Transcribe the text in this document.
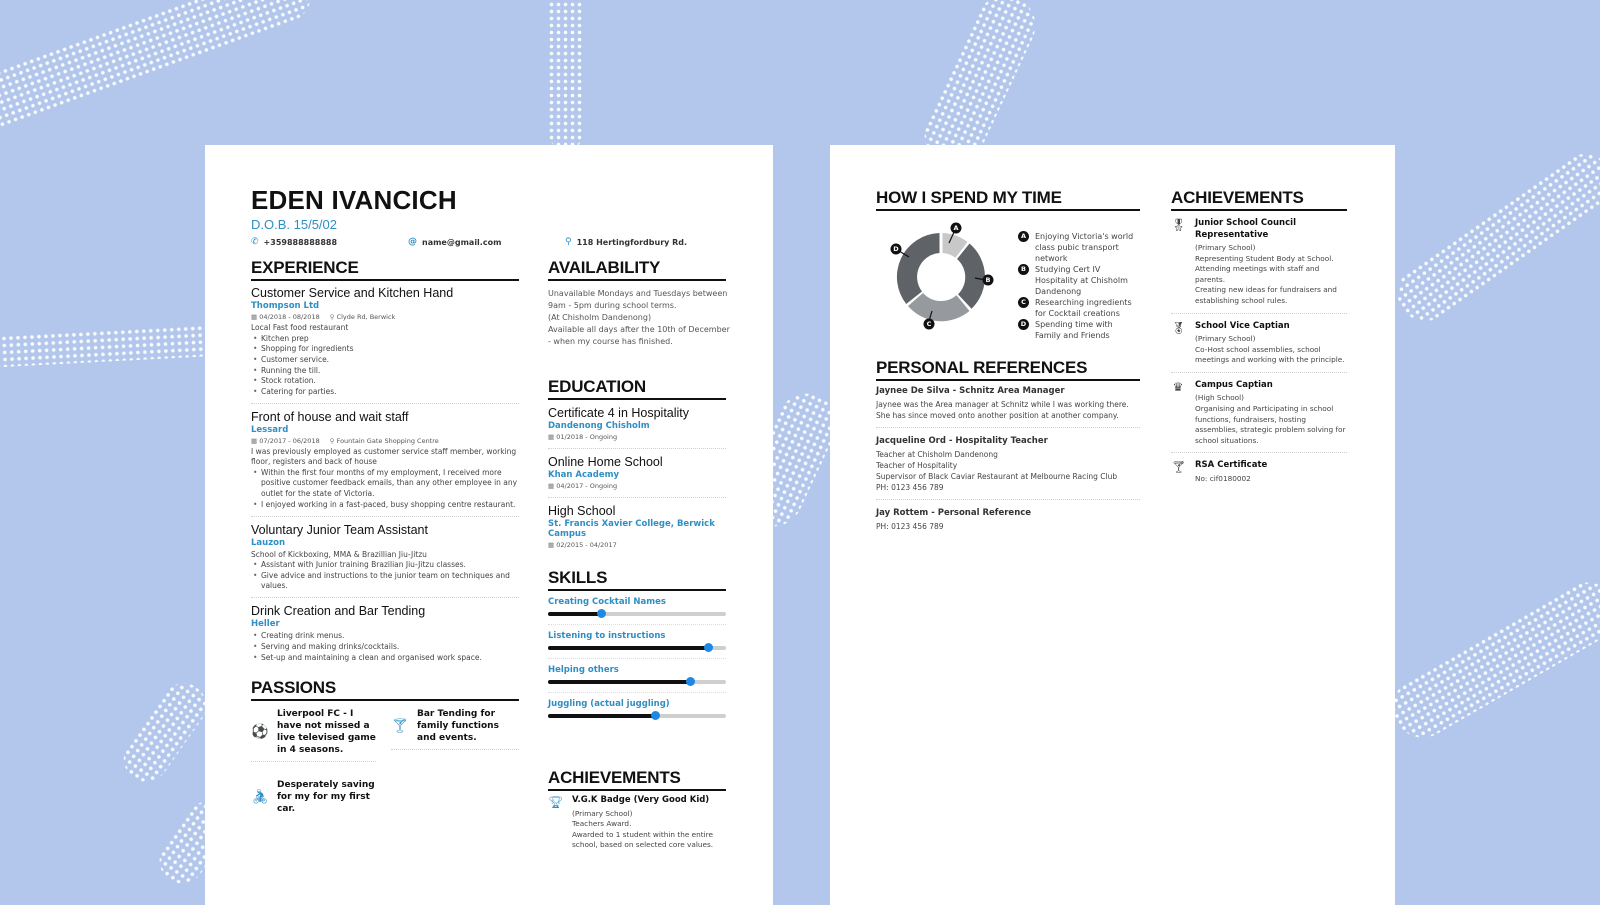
EDEN IVANCICH
D.O.B. 15/5/02
✆ +359888888888	@ name@gmail.com	⚲ 118 Hertingfordbury Rd.
EXPERIENCE
Customer Service and Kitchen Hand
Thompson Ltd
▦ 04/2018 - 08/2018 ⚲ Clyde Rd, Berwick
Local Fast food restaurant
• Kitchen prep
• Shopping for ingredients
• Customer service.
• Running the till.
• Stock rotation.
• Catering for parties.
Front of house and wait staff
Lessard
▦ 07/2017 - 06/2018 ⚲ Fountain Gate Shopping Centre
I was previously employed as customer service staff member, working floor, registers and back of house
• Within the first four months of my employment, I received more positive customer feedback emails, than any other employee in any outlet for the state of Victoria.
• I enjoyed working in a fast-paced, busy shopping centre restaurant.
Voluntary Junior Team Assistant
Lauzon
School of Kickboxing, MMA & Brazillian Jiu-Jitzu
• Assistant with Junior training Brazilian Jiu-Jitzu classes.
• Give advice and instructions to the junior team on techniques and values.
Drink Creation and Bar Tending
Heller
• Creating drink menus.
• Serving and making drinks/cocktails.
• Set-up and maintaining a clean and organised work space.
PASSIONS
⚽
Liverpool FC - I have not missed a live televised game in 4 seasons.
🍸︎
Bar Tending for family functions and events.
🚴︎
Desperately saving for my for my first car.
AVAILABILITY
Unavailable Mondays and Tuesdays between 9am - 5pm during school terms.
(At Chisholm Dandenong)
Available all days after the 10th of December - when my course has finished.
EDUCATION
Certificate 4 in Hospitality
Dandenong Chisholm
▦ 01/2018 - Ongoing
Online Home School
Khan Academy
▦ 04/2017 - Ongoing
High School
St. Francis Xavier College, Berwick Campus
▦ 02/2015 - 04/2017
SKILLS
Creating Cocktail Names
Listening to instructions
Helping others
Juggling (actual juggling)
ACHIEVEMENTS
🏆︎ V.G.K Badge (Very Good Kid)
(Primary School)
Teachers Award.
Awarded to 1 student within the entire school, based on selected core values.
HOW I SPEND MY TIME
A
B
C
D
A	Enjoying Victoria's world class pubic transport network
B	Studying Cert IV Hospitality at Chisholm Dandenong
C	Researching ingredients for Cocktail creations
D	Spending time with Family and Friends
PERSONAL REFERENCES
Jaynee De Silva - Schnitz Area Manager
Jaynee was the Area manager at Schnitz while I was working there. She has since moved onto another position at another company.
Jacqueline Ord - Hospitality Teacher
Teacher at Chisholm Dandenong
Teacher of Hospitality
Supervisor of Black Caviar Restaurant at Melbourne Racing Club
PH: 0123 456 789
Jay Rottem - Personal Reference
PH: 0123 456 789
ACHIEVEMENTS
🎖︎ Junior School Council Representative
(Primary School)
Representing Student Body at School.
Attending meetings with staff and parents.
Creating new ideas for fundraisers and establishing school rules.
🏅︎ School Vice Captian
(Primary School)
Co-Host school assemblies, school meetings and working with the principle.
♛ Campus Captian
(High School)
Organising and Participating in school functions, fundraisers, hosting assemblies, strategic problem solving for school situations.
🍸︎ RSA Certificate
No: cif0180002
